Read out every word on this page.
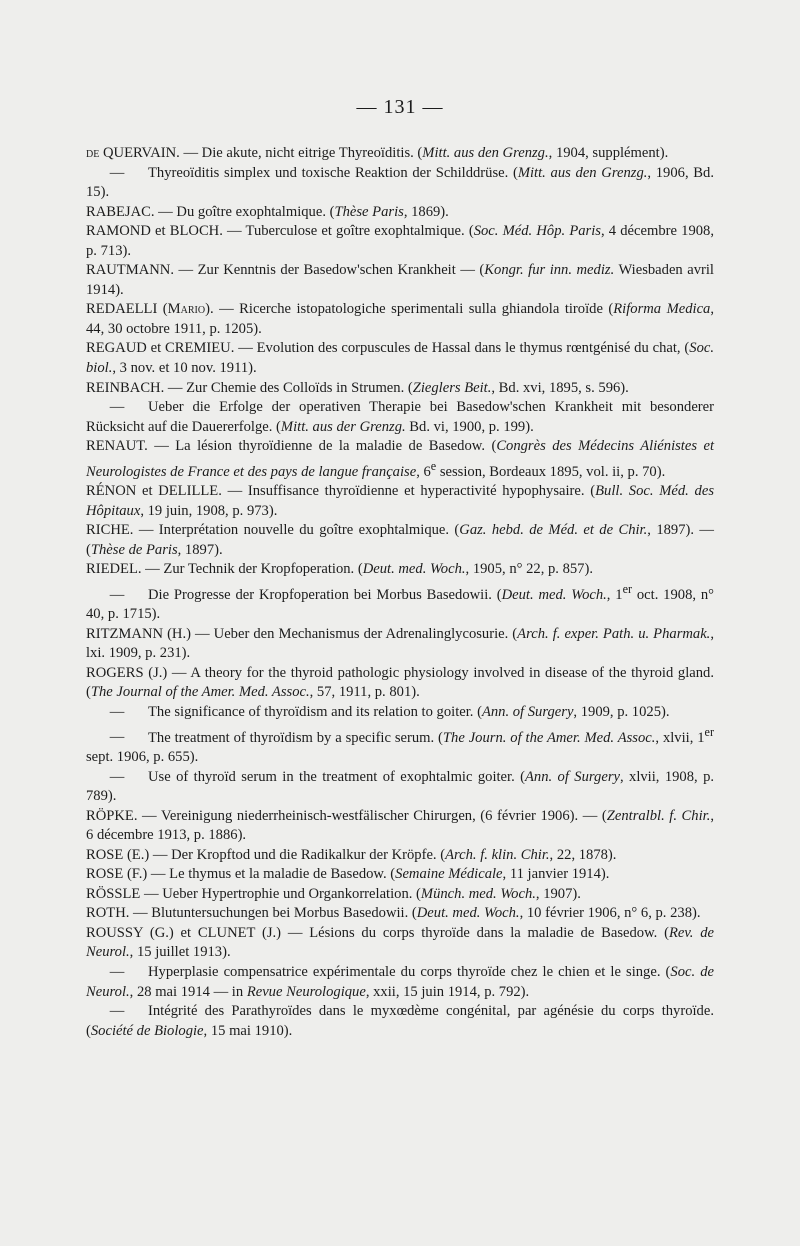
— 131 —

de QUERVAIN. — Die akute, nicht eitrige Thyreoïditis. (Mitt. aus den Grenzg., 1904, supplément).

— Thyreoïditis simplex und toxische Reaktion der Schilddrüse. (Mitt. aus den Grenzg., 1906, Bd. 15).

RABEJAC. — Du goître exophtalmique. (Thèse Paris, 1869).

RAMOND et BLOCH. — Tuberculose et goître exophtalmique. (Soc. Méd. Hôp. Paris, 4 décembre 1908, p. 713).

RAUTMANN. — Zur Kenntnis der Basedow'schen Krankheit — (Kongr. fur inn. mediz. Wiesbaden avril 1914).

REDAELLI (Mario). — Ricerche istopatologiche sperimentali sulla ghiandola tiroïde (Riforma Medica, 44, 30 octobre 1911, p. 1205).

REGAUD et CREMIEU. — Evolution des corpuscules de Hassal dans le thymus rœntgénisé du chat, (Soc. biol., 3 nov. et 10 nov. 1911).

REINBACH. — Zur Chemie des Colloïds in Strumen. (Zieglers Beit., Bd. xvi, 1895, s. 596).

— Ueber die Erfolge der operativen Therapie bei Basedow'schen Krankheit mit besonderer Rücksicht auf die Dauererfolge. (Mitt. aus der Grenzg. Bd. vi, 1900, p. 199).

RENAUT. — La lésion thyroïdienne de la maladie de Basedow. (Congrès des Médecins Aliénistes et Neurologistes de France et des pays de langue française, 6e session, Bordeaux 1895, vol. ii, p. 70).

RÉNON et DELILLE. — Insuffisance thyroïdienne et hyperactivité hypophysaire. (Bull. Soc. Méd. des Hôpitaux, 19 juin, 1908, p. 973).

RICHE. — Interprétation nouvelle du goître exophtalmique. (Gaz. hebd. de Méd. et de Chir., 1897). — (Thèse de Paris, 1897).

RIEDEL. — Zur Technik der Kropfoperation. (Deut. med. Woch., 1905, n° 22, p. 857).

— Die Progresse der Kropfoperation bei Morbus Basedowii. (Deut. med. Woch., 1er oct. 1908, n° 40, p. 1715).

RITZMANN (H.) — Ueber den Mechanismus der Adrenalinglycosurie. (Arch. f. exper. Path. u. Pharmak., lxi. 1909, p. 231).

ROGERS (J.) — A theory for the thyroid pathologic physiology involved in disease of the thyroid gland. (The Journal of the Amer. Med. Assoc., 57, 1911, p. 801).

— The significance of thyroïdism and its relation to goiter. (Ann. of Surgery, 1909, p. 1025).

— The treatment of thyroïdism by a specific serum. (The Journ. of the Amer. Med. Assoc., xlvii, 1er sept. 1906, p. 655).

— Use of thyroïd serum in the treatment of exophtalmic goiter. (Ann. of Surgery, xlvii, 1908, p. 789).

RÖPKE. — Vereinigung niederrheinisch-westfälischer Chirurgen, (6 février 1906). — (Zentralbl. f. Chir., 6 décembre 1913, p. 1886).

ROSE (E.) — Der Kropftod und die Radikalkur der Kröpfe. (Arch. f. klin. Chir., 22, 1878).

ROSE (F.) — Le thymus et la maladie de Basedow. (Semaine Médicale, 11 janvier 1914).

RÖSSLE — Ueber Hypertrophie und Organkorrelation. (Münch. med. Woch., 1907).

ROTH. — Blutuntersuchungen bei Morbus Basedowii. (Deut. med. Woch., 10 février 1906, n° 6, p. 238).

ROUSSY (G.) et CLUNET (J.) — Lésions du corps thyroïde dans la maladie de Basedow. (Rev. de Neurol., 15 juillet 1913).

— Hyperplasie compensatrice expérimentale du corps thyroïde chez le chien et le singe. (Soc. de Neurol., 28 mai 1914 — in Revue Neurologique, xxii, 15 juin 1914, p. 792).

— Intégrité des Parathyroïdes dans le myxœdème congénital, par agénésie du corps thyroïde. (Société de Biologie, 15 mai 1910).
